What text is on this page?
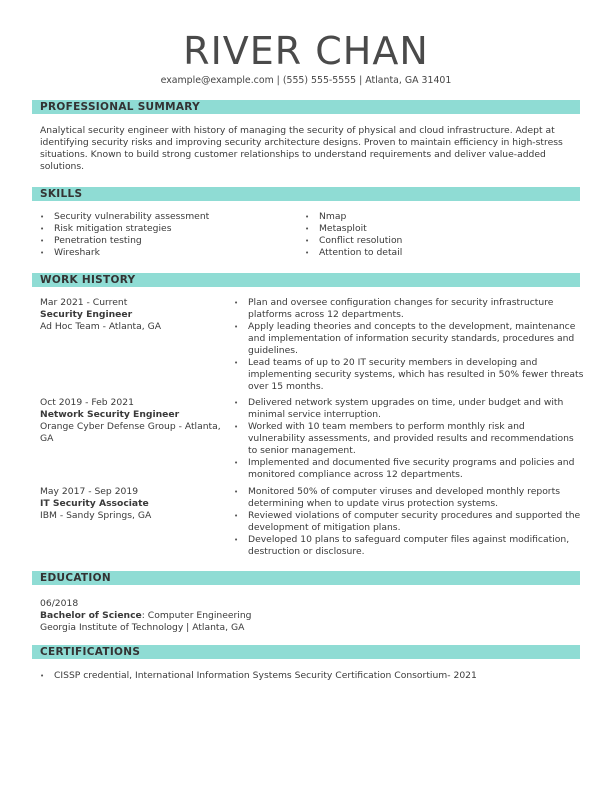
RIVER CHAN
example@example.com | (555) 555-5555 | Atlanta, GA 31401
PROFESSIONAL SUMMARY
Analytical security engineer with history of managing the security of physical and cloud infrastructure. Adept at identifying security risks and improving security architecture designs. Proven to maintain efficiency in high-stress situations. Known to build strong customer relationships to understand requirements and deliver value-added solutions.
SKILLS
• Security vulnerability assessment
• Risk mitigation strategies
• Penetration testing
• Wireshark
• Nmap
• Metasploit
• Conflict resolution
• Attention to detail
WORK HISTORY
Mar 2021 - Current
Security Engineer
Ad Hoc Team - Atlanta, GA
• Plan and oversee configuration changes for security infrastructure platforms across 12 departments.
• Apply leading theories and concepts to the development, maintenance and implementation of information security standards, procedures and guidelines.
• Lead teams of up to 20 IT security members in developing and implementing security systems, which has resulted in 50% fewer threats over 15 months.
Oct 2019 - Feb 2021
Network Security Engineer
Orange Cyber Defense Group - Atlanta, GA
• Delivered network system upgrades on time, under budget and with minimal service interruption.
• Worked with 10 team members to perform monthly risk and vulnerability assessments, and provided results and recommendations to senior management.
• Implemented and documented five security programs and policies and monitored compliance across 12 departments.
May 2017 - Sep 2019
IT Security Associate
IBM - Sandy Springs, GA
• Monitored 50% of computer viruses and developed monthly reports determining when to update virus protection systems.
• Reviewed violations of computer security procedures and supported the development of mitigation plans.
• Developed 10 plans to safeguard computer files against modification, destruction or disclosure.
EDUCATION
06/2018
Bachelor of Science: Computer Engineering
Georgia Institute of Technology | Atlanta, GA
CERTIFICATIONS
• CISSP credential, International Information Systems Security Certification Consortium- 2021
